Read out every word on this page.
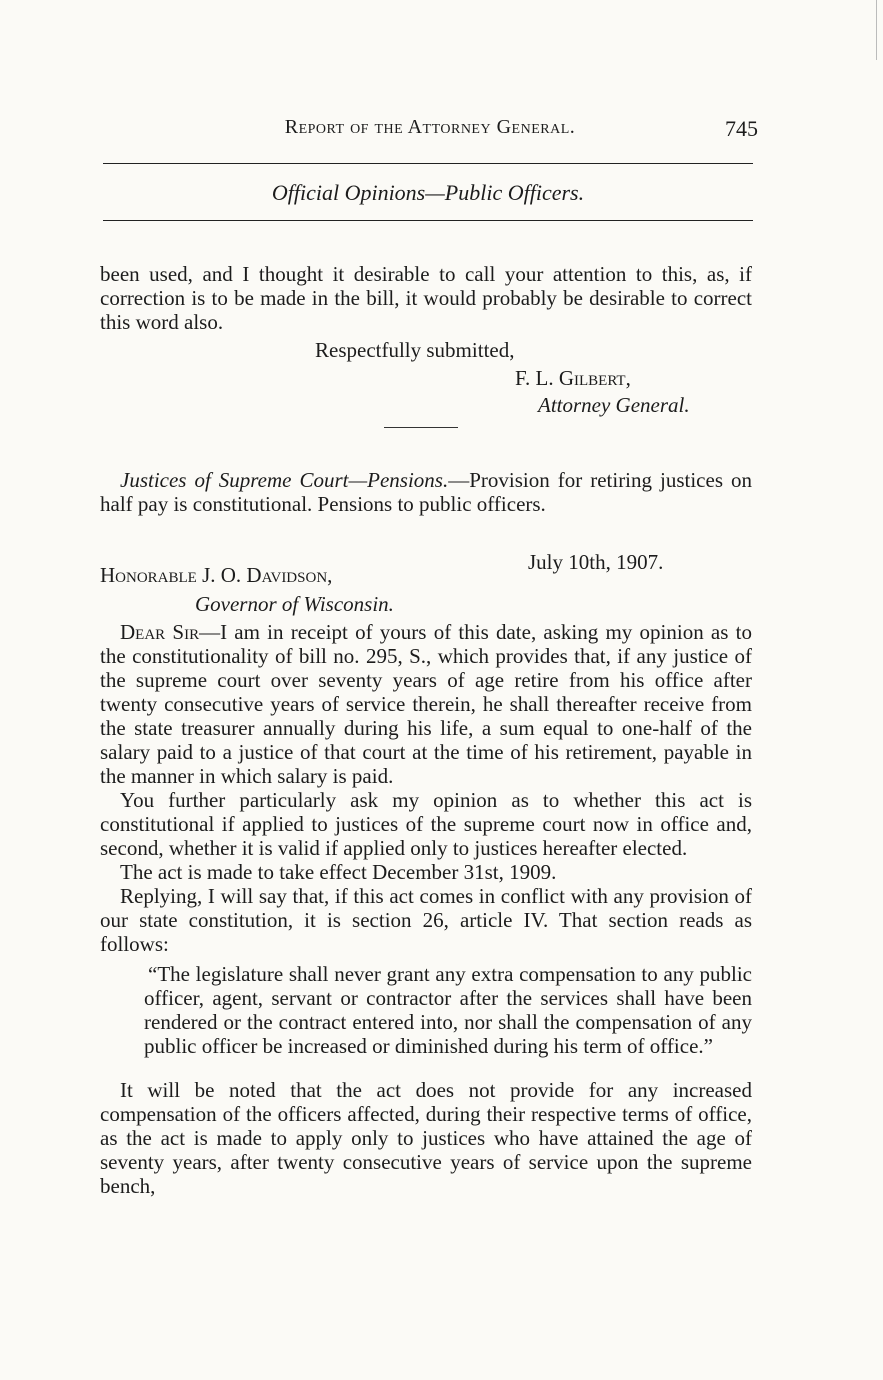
Report of the Attorney General.	745
Official Opinions—Public Officers.

been used, and I thought it desirable to call your attention to this, as, if correction is to be made in the bill, it would probably be desirable to correct this word also.

Respectfully submitted,
F. L. Gilbert,
Attorney General.

Justices of Supreme Court—Pensions.—Provision for retiring justices on half pay is constitutional. Pensions to public officers.

July 10th, 1907.
Honorable J. O. Davidson,
Governor of Wisconsin.

Dear Sir—I am in receipt of yours of this date, asking my opinion as to the constitutionality of bill no. 295, S., which provides that, if any justice of the supreme court over seventy years of age retire from his office after twenty consecutive years of service therein, he shall thereafter receive from the state treasurer annually during his life, a sum equal to one-half of the salary paid to a justice of that court at the time of his retirement, payable in the manner in which salary is paid.

You further particularly ask my opinion as to whether this act is constitutional if applied to justices of the supreme court now in office and, second, whether it is valid if applied only to justices hereafter elected.

The act is made to take effect December 31st, 1909.

Replying, I will say that, if this act comes in conflict with any provision of our state constitution, it is section 26, article IV. That section reads as follows:

“The legislature shall never grant any extra compensation to any public officer, agent, servant or contractor after the services shall have been rendered or the contract entered into, nor shall the compensation of any public officer be increased or diminished during his term of office.”

It will be noted that the act does not provide for any increased compensation of the officers affected, during their respective terms of office, as the act is made to apply only to justices who have attained the age of seventy years, after twenty consecutive years of service upon the supreme bench,
